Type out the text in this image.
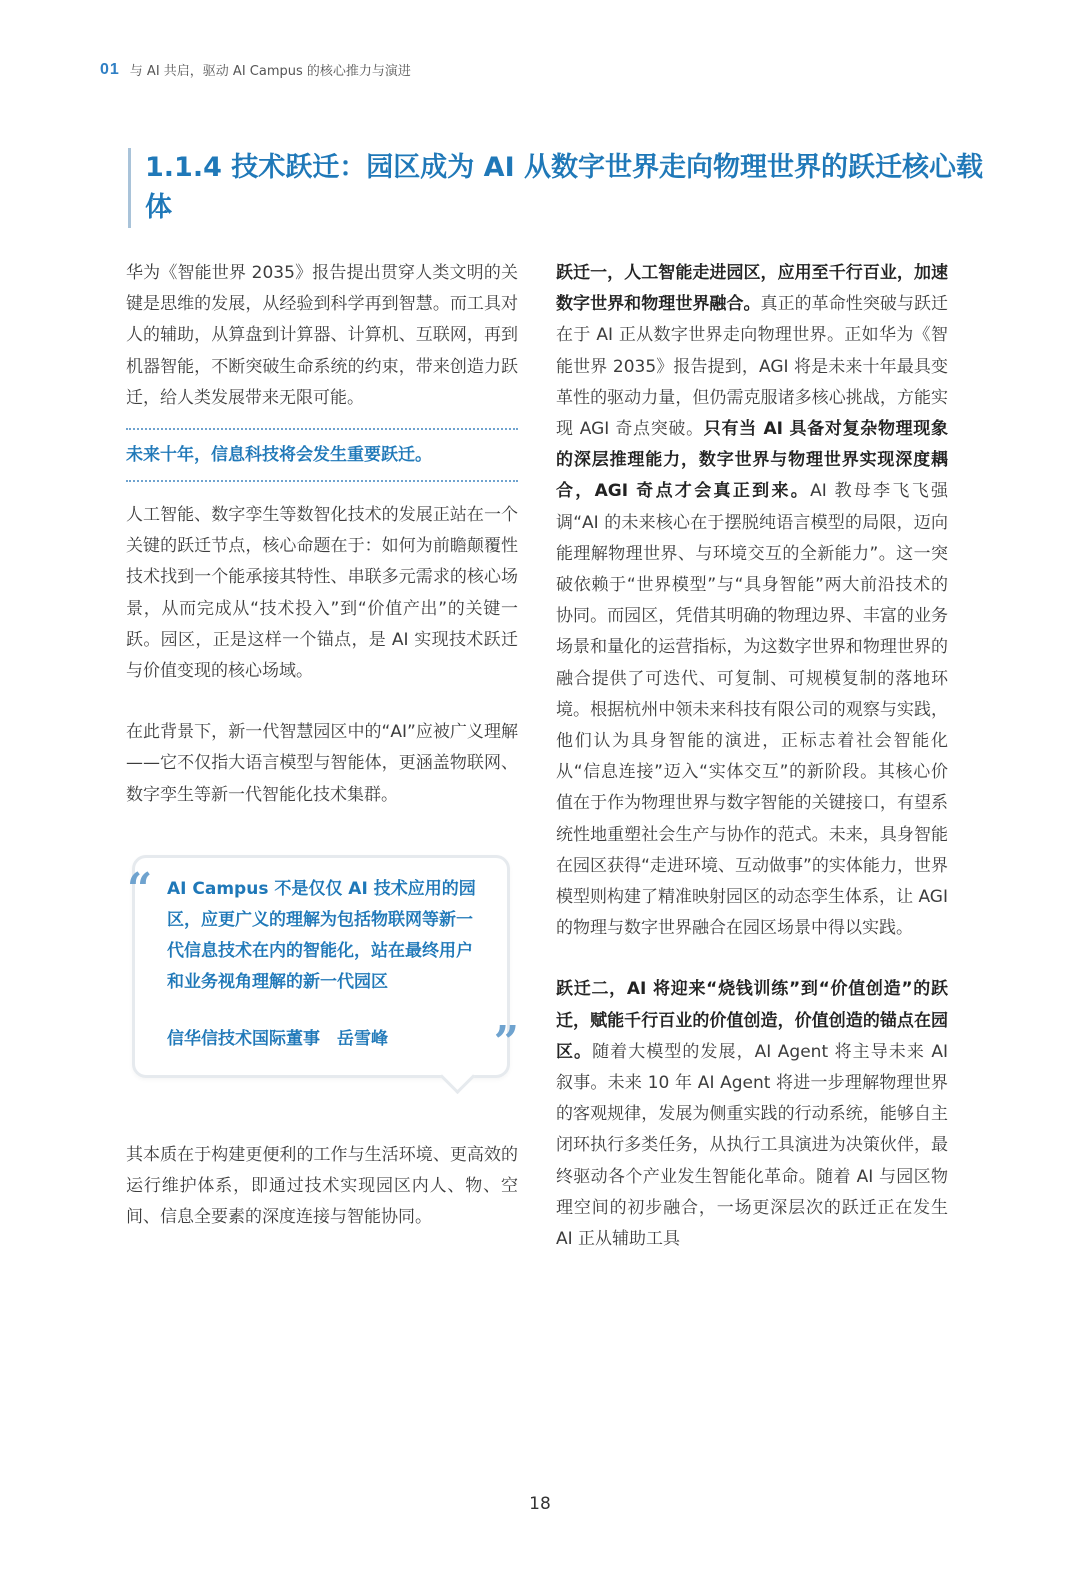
01 与 AI 共启，驱动 AI Campus 的核心推力与演进
1.1.4 技术跃迁：园区成为 AI 从数字世界走向物理世界的跃迁核心载体

华为《智能世界 2035》报告提出贯穿人类文明的关键是思维的发展，从经验到科学再到智慧。而工具对人的辅助，从算盘到计算器、计算机、互联网，再到机器智能，不断突破生命系统的约束，带来创造力跃迁，给人类发展带来无限可能。

未来十年，信息科技将会发生重要跃迁。

人工智能、数字孪生等数智化技术的发展正站在一个关键的跃迁节点，核心命题在于：如何为前瞻颠覆性技术找到一个能承接其特性、串联多元需求的核心场景，从而完成从“技术投入”到“价值产出”的关键一跃。园区，正是这样一个锚点，是 AI 实现技术跃迁与价值变现的核心场域。

在此背景下，新一代智慧园区中的“AI”应被广义理解——它不仅指大语言模型与智能体，更涵盖物联网、数字孪生等新一代智能化技术集群。

“ AI Campus 不是仅仅 AI 技术应用的园区，应更广义的理解为包括物联网等新一代信息技术在内的智能化，站在最终用户和业务视角理解的新一代园区
信华信技术国际董事　岳雪峰	”

其本质在于构建更便利的工作与生活环境、更高效的运行维护体系，即通过技术实现园区内人、物、空间、信息全要素的深度连接与智能协同。

跃迁一，人工智能走进园区，应用至千行百业，加速数字世界和物理世界融合。真正的革命性突破与跃迁在于 AI 正从数字世界走向物理世界。正如华为《智能世界 2035》报告提到，AGI 将是未来十年最具变革性的驱动力量，但仍需克服诸多核心挑战，方能实现 AGI 奇点突破。只有当 AI 具备对复杂物理现象的深层推理能力，数字世界与物理世界实现深度耦合，AGI 奇点才会真正到来。AI 教母李飞飞强调“AI 的未来核心在于摆脱纯语言模型的局限，迈向能理解物理世界、与环境交互的全新能力”。这一突破依赖于“世界模型”与“具身智能”两大前沿技术的协同。而园区，凭借其明确的物理边界、丰富的业务场景和量化的运营指标，为这数字世界和物理世界的融合提供了可迭代、可复制、可规模复制的落地环境。根据杭州中领未来科技有限公司的观察与实践，他们认为具身智能的演进，正标志着社会智能化从“信息连接”迈入“实体交互”的新阶段。其核心价值在于作为物理世界与数字智能的关键接口，有望系统性地重塑社会生产与协作的范式。未来，具身智能在园区获得“走进环境、互动做事”的实体能力，世界模型则构建了精准映射园区的动态孪生体系，让 AGI 的物理与数字世界融合在园区场景中得以实践。

跃迁二，AI 将迎来“烧钱训练”到“价值创造”的跃迁，赋能千行百业的价值创造，价值创造的锚点在园区。随着大模型的发展，AI Agent 将主导未来 AI 叙事。未来 10 年 AI Agent 将进一步理解物理世界的客观规律，发展为侧重实践的行动系统，能够自主闭环执行多类任务，从执行工具演进为决策伙伴，最终驱动各个产业发生智能化革命。随着 AI 与园区物理空间的初步融合，一场更深层次的跃迁正在发生 AI 正从辅助工具

18
